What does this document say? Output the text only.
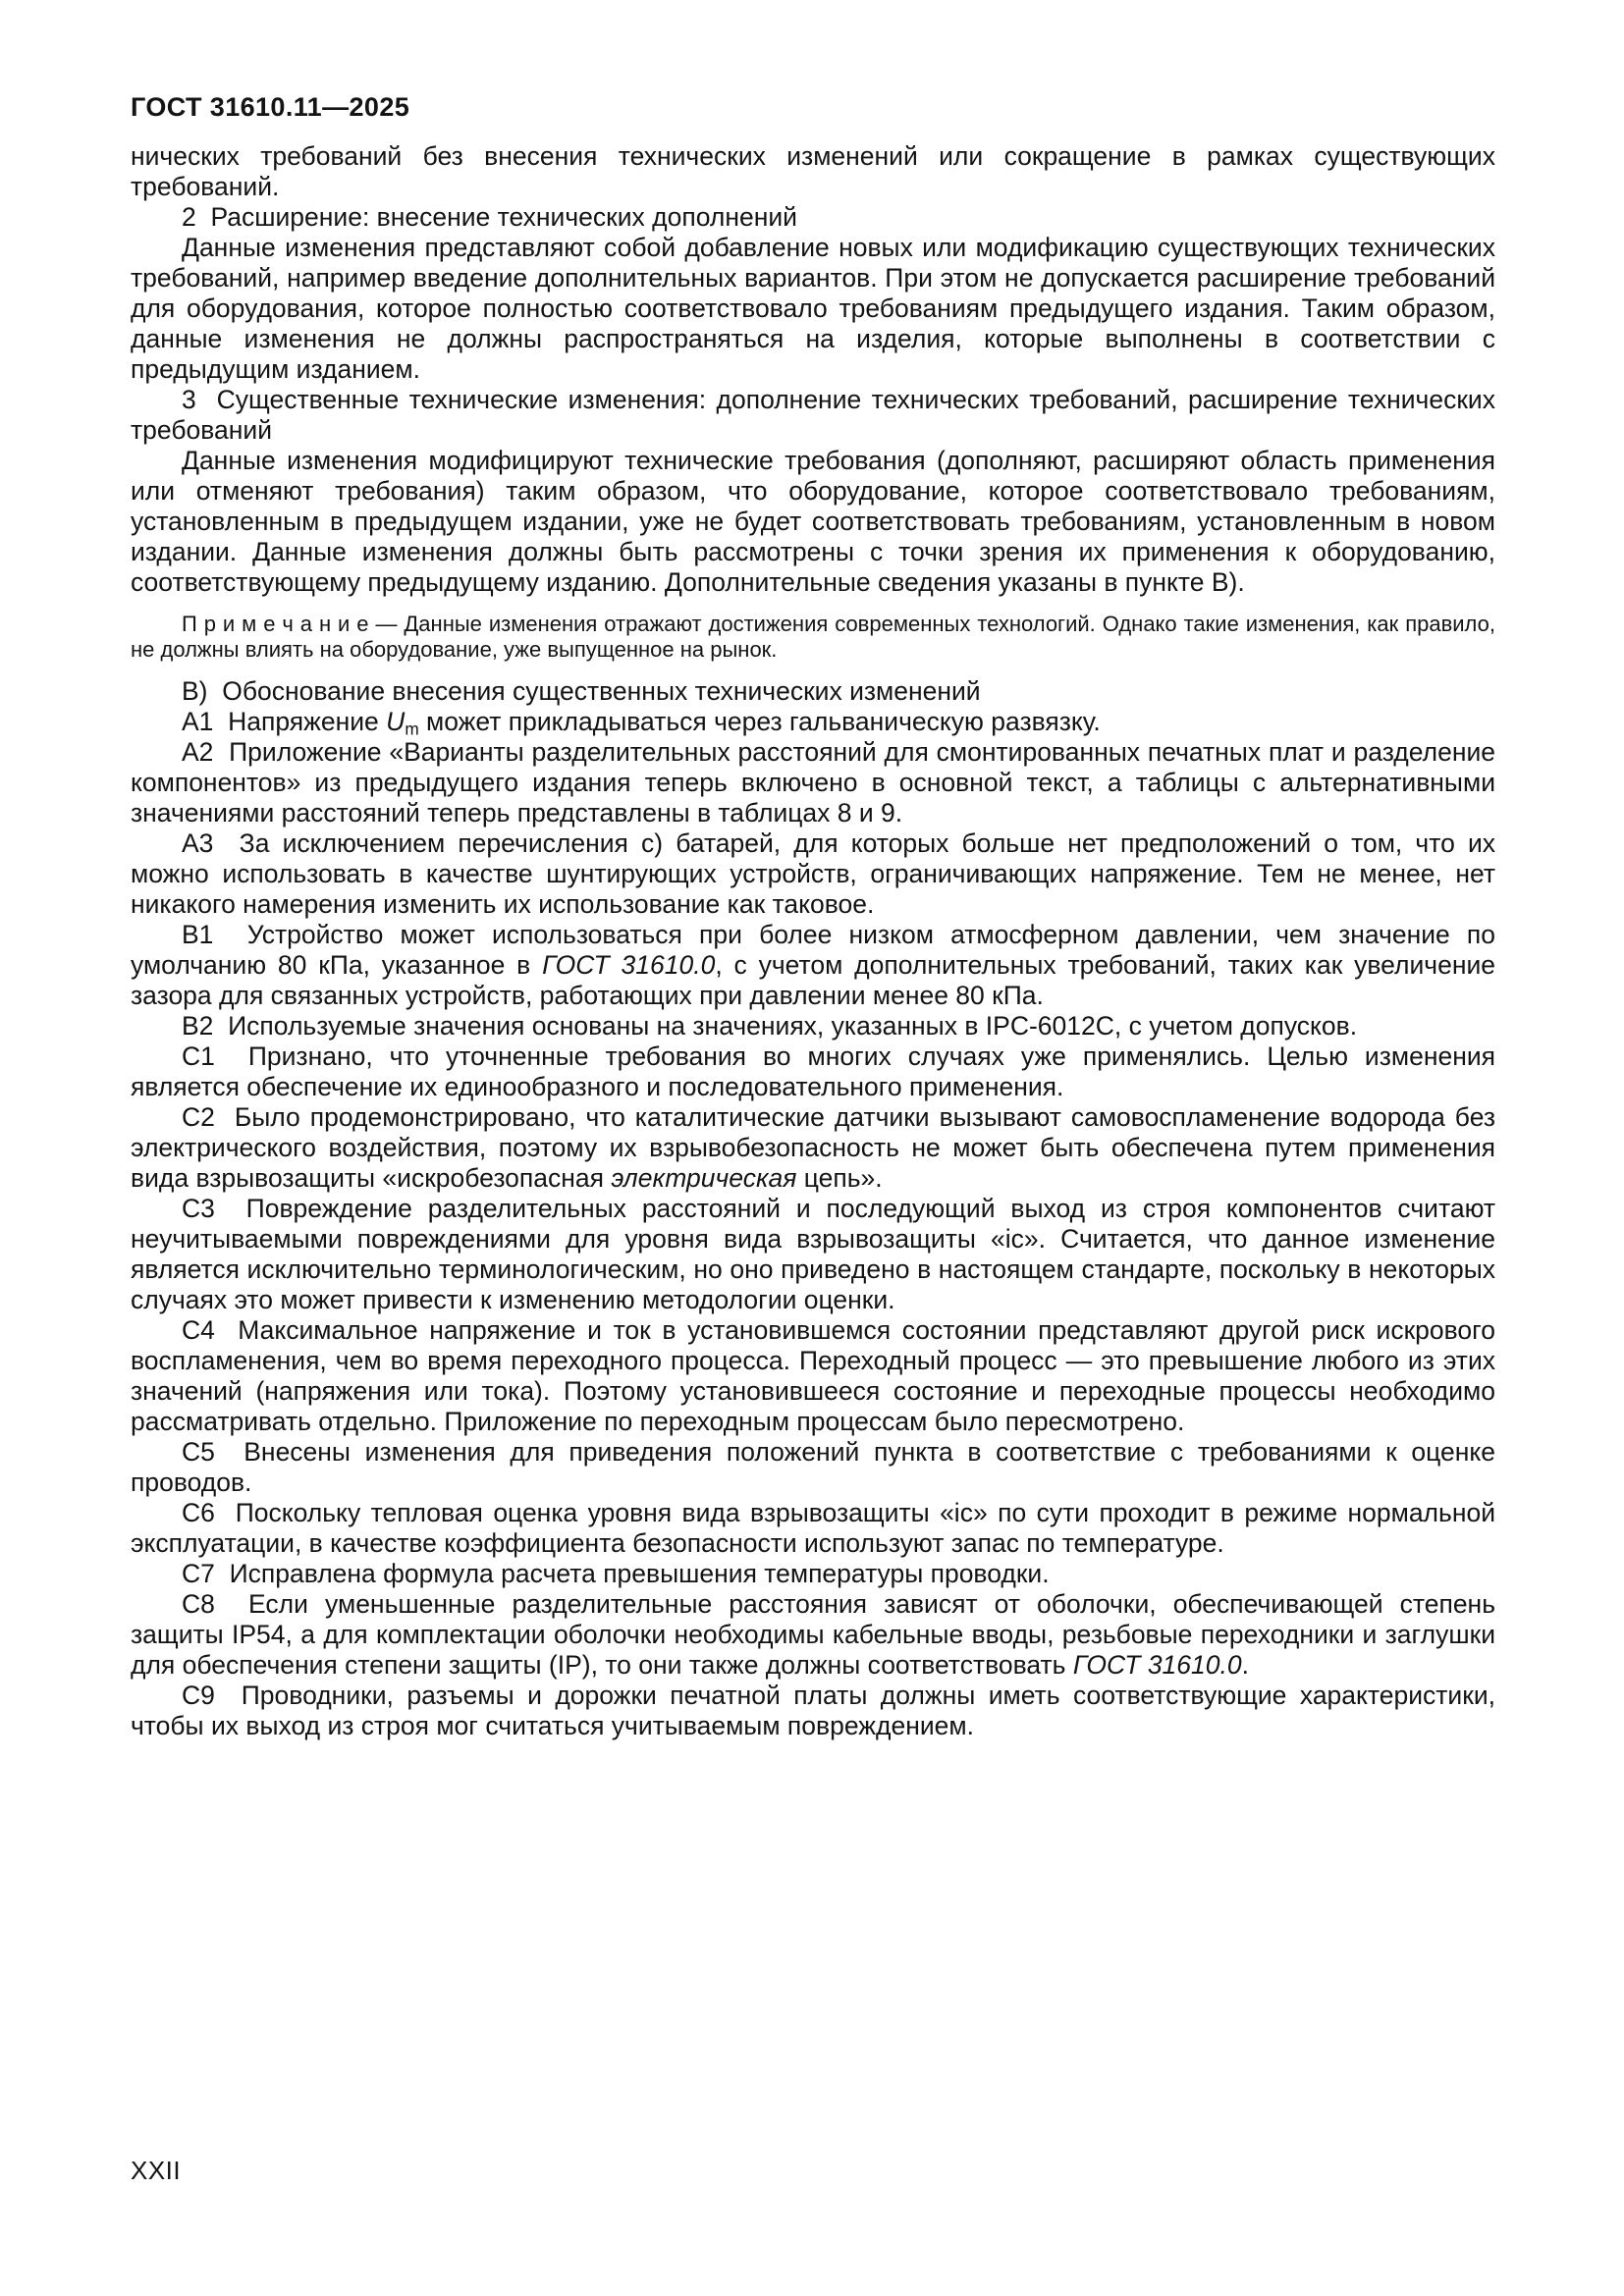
ГОСТ 31610.11—2025

нических требований без внесения технических изменений или сокращение в рамках существующих требований.

2  Расширение: внесение технических дополнений

Данные изменения представляют собой добавление новых или модификацию существующих технических требований, например введение дополнительных вариантов. При этом не допускается расширение требований для оборудования, которое полностью соответствовало требованиям предыдущего издания. Таким образом, данные изменения не должны распространяться на изделия, которые выполнены в соответствии с предыдущим изданием.

3  Существенные технические изменения: дополнение технических требований, расширение технических требований

Данные изменения модифицируют технические требования (дополняют, расширяют область применения или отменяют требования) таким образом, что оборудование, которое соответствовало требованиям, установленным в предыдущем издании, уже не будет соответствовать требованиям, установленным в новом издании. Данные изменения должны быть рассмотрены с точки зрения их применения к оборудованию, соответствующему предыдущему изданию. Дополнительные сведения указаны в пункте B).

П р и м е ч а н и е — Данные изменения отражают достижения современных технологий. Однако такие изменения, как правило, не должны влиять на оборудование, уже выпущенное на рынок.

B)  Обоснование внесения существенных технических изменений

A1  Напряжение $U_m$ может прикладываться через гальваническую развязку.

A2  Приложение «Варианты разделительных расстояний для смонтированных печатных плат и разделение компонентов» из предыдущего издания теперь включено в основной текст, а таблицы с альтернативными значениями расстояний теперь представлены в таблицах 8 и 9.

A3  За исключением перечисления c) батарей, для которых больше нет предположений о том, что их можно использовать в качестве шунтирующих устройств, ограничивающих напряжение. Тем не менее, нет никакого намерения изменить их использование как таковое.

B1  Устройство может использоваться при более низком атмосферном давлении, чем значение по умолчанию 80 кПа, указанное в ГОСТ 31610.0, с учетом дополнительных требований, таких как увеличение зазора для связанных устройств, работающих при давлении менее 80 кПа.

B2  Используемые значения основаны на значениях, указанных в IPC-6012C, с учетом допусков.

C1  Признано, что уточненные требования во многих случаях уже применялись. Целью изменения является обеспечение их единообразного и последовательного применения.

C2  Было продемонстрировано, что каталитические датчики вызывают самовоспламенение водорода без электрического воздействия, поэтому их взрывобезопасность не может быть обеспечена путем применения вида взрывозащиты «искробезопасная электрическая цепь».

C3  Повреждение разделительных расстояний и последующий выход из строя компонентов считают неучитываемыми повреждениями для уровня вида взрывозащиты «ic». Считается, что данное изменение является исключительно терминологическим, но оно приведено в настоящем стандарте, поскольку в некоторых случаях это может привести к изменению методологии оценки.

C4  Максимальное напряжение и ток в установившемся состоянии представляют другой риск искрового воспламенения, чем во время переходного процесса. Переходный процесс — это превышение любого из этих значений (напряжения или тока). Поэтому установившееся состояние и переходные процессы необходимо рассматривать отдельно. Приложение по переходным процессам было пересмотрено.

C5  Внесены изменения для приведения положений пункта в соответствие с требованиями к оценке проводов.

C6  Поскольку тепловая оценка уровня вида взрывозащиты «ic» по сути проходит в режиме нормальной эксплуатации, в качестве коэффициента безопасности используют запас по температуре.

C7  Исправлена формула расчета превышения температуры проводки.

C8  Если уменьшенные разделительные расстояния зависят от оболочки, обеспечивающей степень защиты IP54, а для комплектации оболочки необходимы кабельные вводы, резьбовые переходники и заглушки для обеспечения степени защиты (IP), то они также должны соответствовать ГОСТ 31610.0.

C9  Проводники, разъемы и дорожки печатной платы должны иметь соответствующие характеристики, чтобы их выход из строя мог считаться учитываемым повреждением.

XXII
